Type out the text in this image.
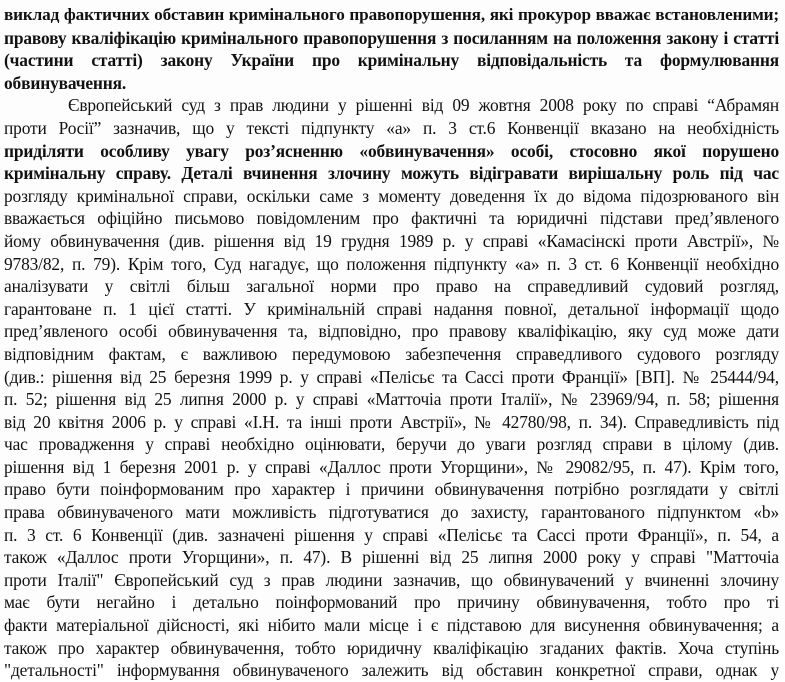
виклад фактичних обставин кримінального правопорушення, які прокурор вважає встановленими;
правову кваліфікацію кримінального правопорушення з посиланням на положення закону і статті
(частини статті) закону України про кримінальну відповідальність та формулювання
обвинувачення.
Європейський суд з прав людини у рішенні від 09 жовтня 2008 року по справі “Абрамян
проти Росії” зазначив, що у тексті підпункту «а» п. 3 ст.6 Конвенції вказано на необхідність
приділяти особливу увагу роз’ясненню «обвинувачення» особі, стосовно якої порушено
кримінальну справу. Деталі вчинення злочину можуть відігравати вирішальну роль під час
розгляду кримінальної справи, оскільки саме з моменту доведення їх до відома підозрюваного він
вважається офіційно письмово повідомленим про фактичні та юридичні підстави пред’явленого
йому обвинувачення (див. рішення від 19 грудня 1989 р. у справі «Камасінскі проти Австрії», №
9783/82, п. 79). Крім того, Суд нагадує, що положення підпункту «а» п. 3 ст. 6 Конвенції необхідно
аналізувати у світлі більш загальної норми про право на справедливий судовий розгляд,
гарантоване п. 1 цієї статті. У кримінальній справі надання повної, детальної інформації щодо
пред’явленого особі обвинувачення та, відповідно, про правову кваліфікацію, яку суд може дати
відповідним фактам, є важливою передумовою забезпечення справедливого судового розгляду
(див.: рішення від 25 березня 1999 р. у справі «Пелісьє та Сассі проти Франції» [ВП]. № 25444/94,
п. 52; рішення від 25 липня 2000 р. у справі «Матточіа проти Італії», № 23969/94, п. 58; рішення
від 20 квітня 2006 р. у справі «І.Н. та інші проти Австрії», № 42780/98, п. 34). Справедливість під
час провадження у справі необхідно оцінювати, беручи до уваги розгляд справи в цілому (див.
рішення від 1 березня 2001 р. у справі «Даллос проти Угорщини», № 29082/95, п. 47). Крім того,
право бути поінформованим про характер і причини обвинувачення потрібно розглядати у світлі
права обвинуваченого мати можливість підготуватися до захисту, гарантованого підпунктом «b»
п. 3 ст. 6 Конвенції (див. зазначені рішення у справі «Пелісьє та Сассі проти Франції», п. 54, а
також «Даллос проти Угорщини», п. 47). В рішенні від 25 липня 2000 року у справі "Матточіа
проти Італії" Європейський суд з прав людини зазначив, що обвинувачений у вчиненні злочину
має бути негайно і детально поінформований про причину обвинувачення, тобто про ті
факти матеріальної дійсності, які нібито мали місце і є підставою для висунення обвинувачення; а
також про характер обвинувачення, тобто юридичну кваліфікацію згаданих фактів. Хоча ступінь
"детальності" інформування обвинуваченого залежить від обставин конкретної справи, однак у
